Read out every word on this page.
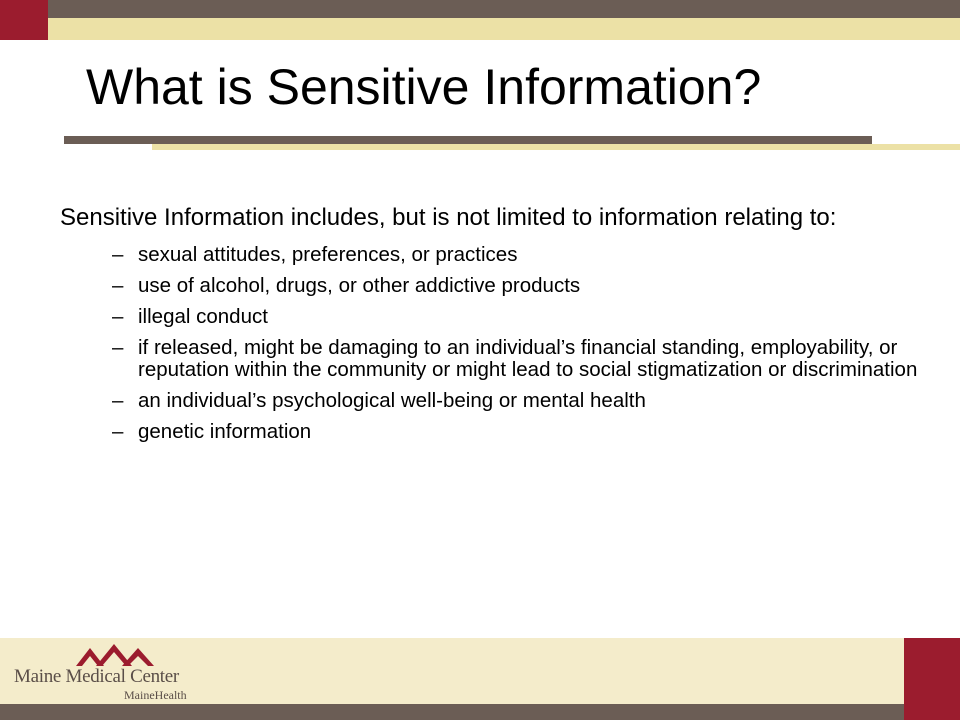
What is Sensitive Information?

Sensitive Information includes, but is not limited to information relating to:

– sexual attitudes, preferences, or practices
– use of alcohol, drugs, or other addictive products
– illegal conduct
– if released, might be damaging to an individual’s financial standing, employability, or reputation within the community or might lead to social stigmatization or discrimination
– an individual’s psychological well-being or mental health
– genetic information
Maine Medical Center
MaineHealth
